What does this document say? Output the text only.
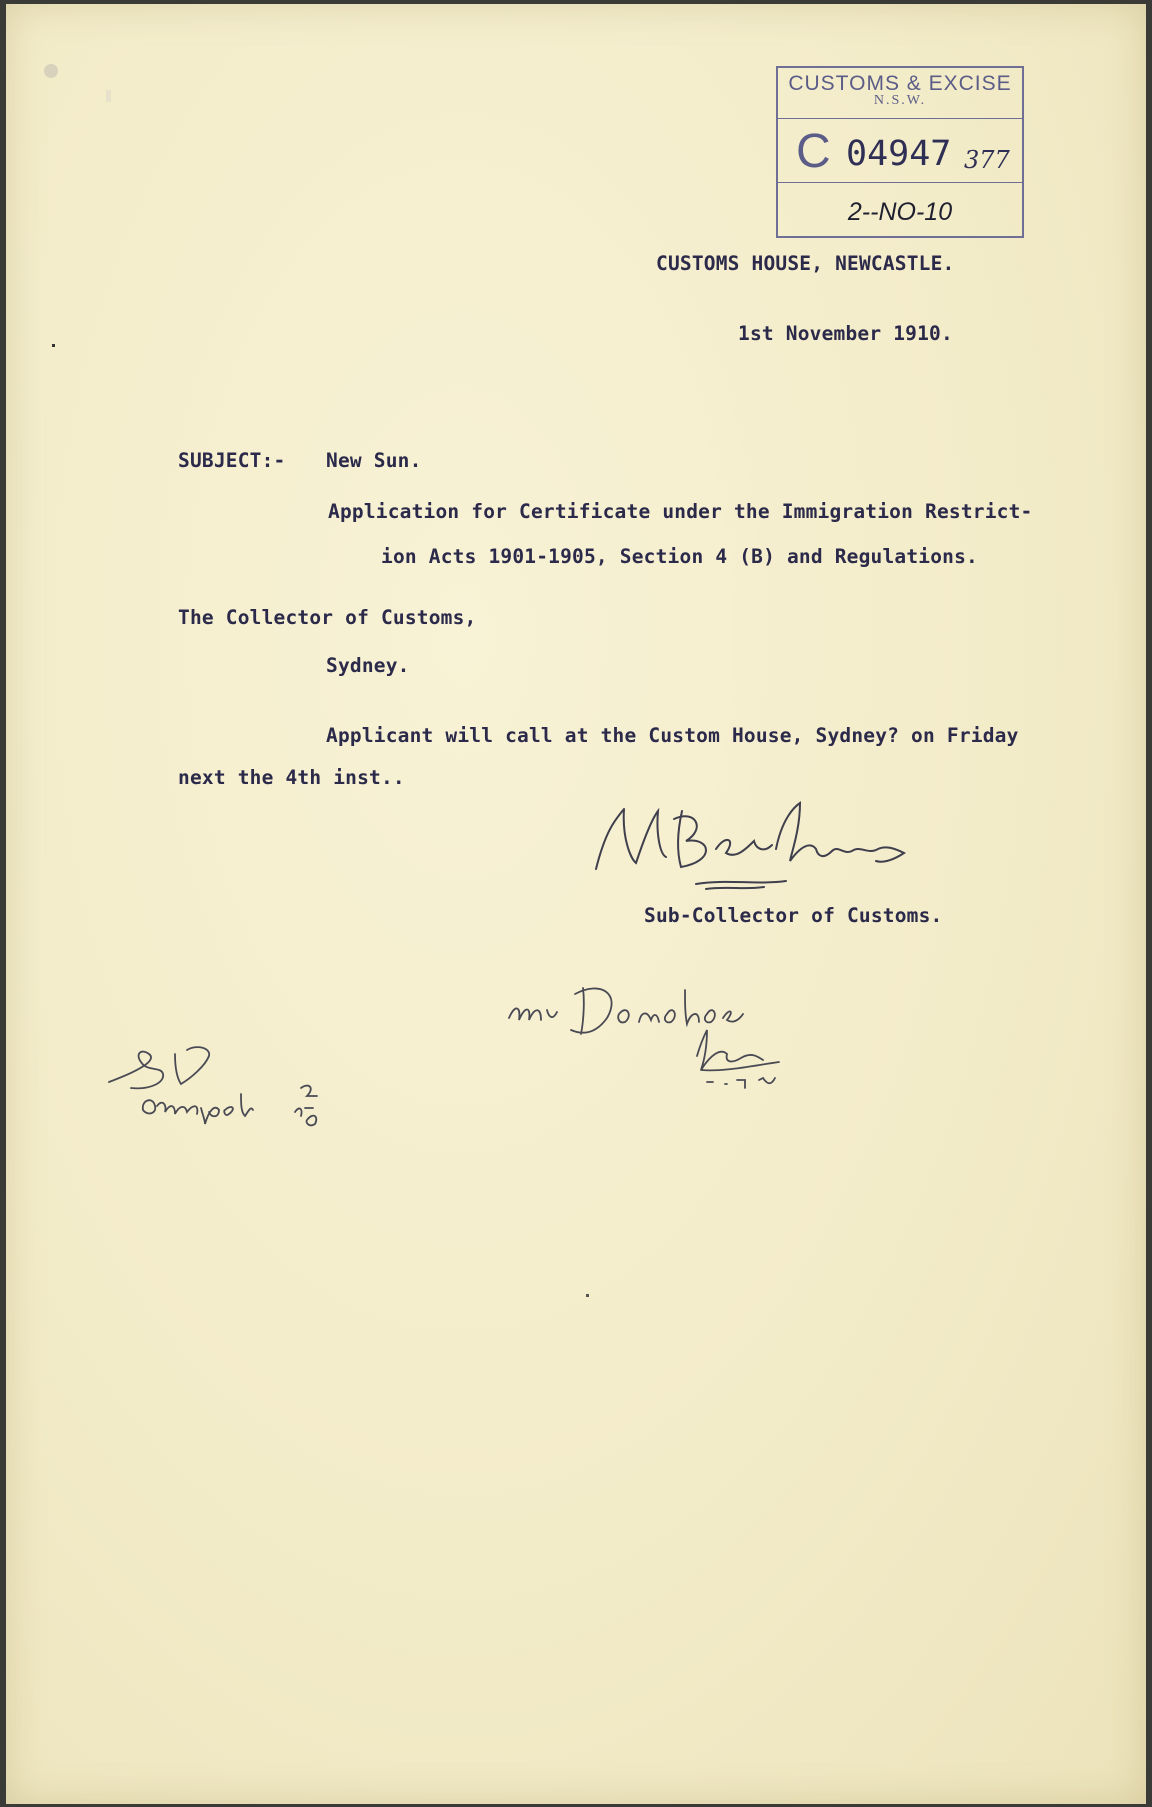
CUSTOMS & EXCISE
N.S.W.
C 04947 377
2--NO-10
CUSTOMS HOUSE, NEWCASTLE.
1st November 1910.
SUBJECT:- New Sun.
Application for Certificate under the Immigration Restrict-
ion Acts 1901-1905, Section 4 (B) and Regulations.
The Collector of Customs,
Sydney.
Applicant will call at the Custom House, Sydney? on Friday
next the 4th inst..
Sub-Collector of Customs.
